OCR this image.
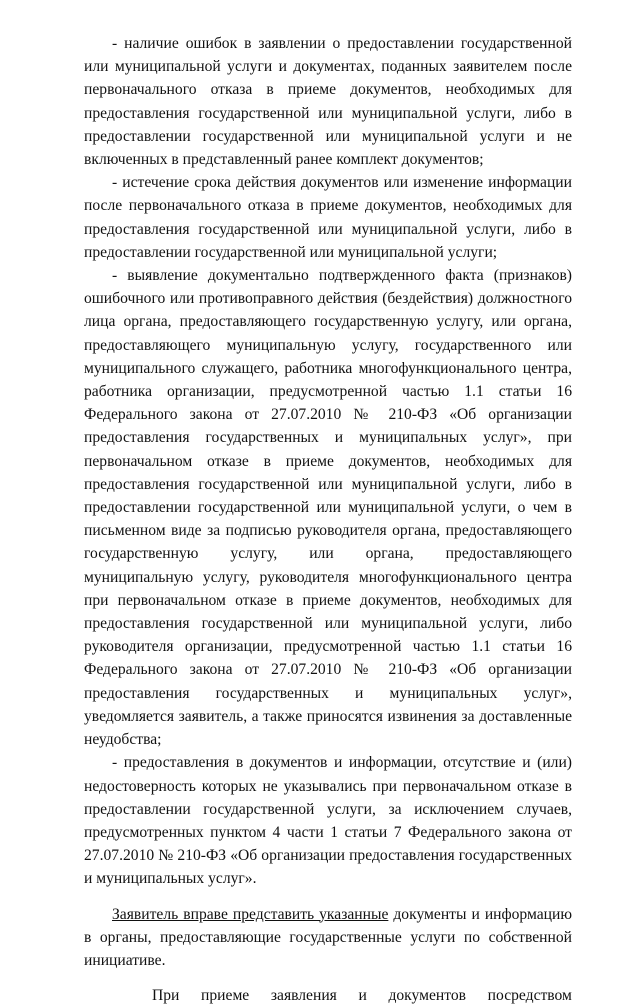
- наличие ошибок в заявлении о предоставлении государственной или муниципальной услуги и документах, поданных заявителем после первоначального отказа в приеме документов, необходимых для предоставления государственной или муниципальной услуги, либо в предоставлении государственной или муниципальной услуги и не включенных в представленный ранее комплект документов;

- истечение срока действия документов или изменение информации после первоначального отказа в приеме документов, необходимых для предоставления государственной или муниципальной услуги, либо в предоставлении государственной или муниципальной услуги;

- выявление документально подтвержденного факта (признаков) ошибочного или противоправного действия (бездействия) должностного лица органа, предоставляющего государственную услугу, или органа, предоставляющего муниципальную услугу, государственного или муниципального служащего, работника многофункционального центра, работника организации, предусмотренной частью 1.1 статьи 16 Федерального закона от 27.07.2010 № 210-ФЗ «Об организации предоставления государственных и муниципальных услуг», при первоначальном отказе в приеме документов, необходимых для предоставления государственной или муниципальной услуги, либо в предоставлении государственной или муниципальной услуги, о чем в письменном виде за подписью руководителя органа, предоставляющего государственную услугу, или органа, предоставляющего муниципальную услугу, руководителя многофункционального центра при первоначальном отказе в приеме документов, необходимых для предоставления государственной или муниципальной услуги, либо руководителя организации, предусмотренной частью 1.1 статьи 16 Федерального закона от 27.07.2010 № 210-ФЗ «Об организации предоставления государственных и муниципальных услуг», уведомляется заявитель, а также приносятся извинения за доставленные неудобства;

- предоставления в документов и информации, отсутствие и (или) недостоверность которых не указывались при первоначальном отказе в предоставлении государственной услуги, за исключением случаев, предусмотренных пунктом 4 части 1 статьи 7 Федерального закона от 27.07.2010 № 210-ФЗ «Об организации предоставления государственных и муниципальных услуг».

Заявитель вправе представить указанные документы и информацию в органы, предоставляющие государственные услуги по собственной инициативе.

При приеме заявления и документов посредством
